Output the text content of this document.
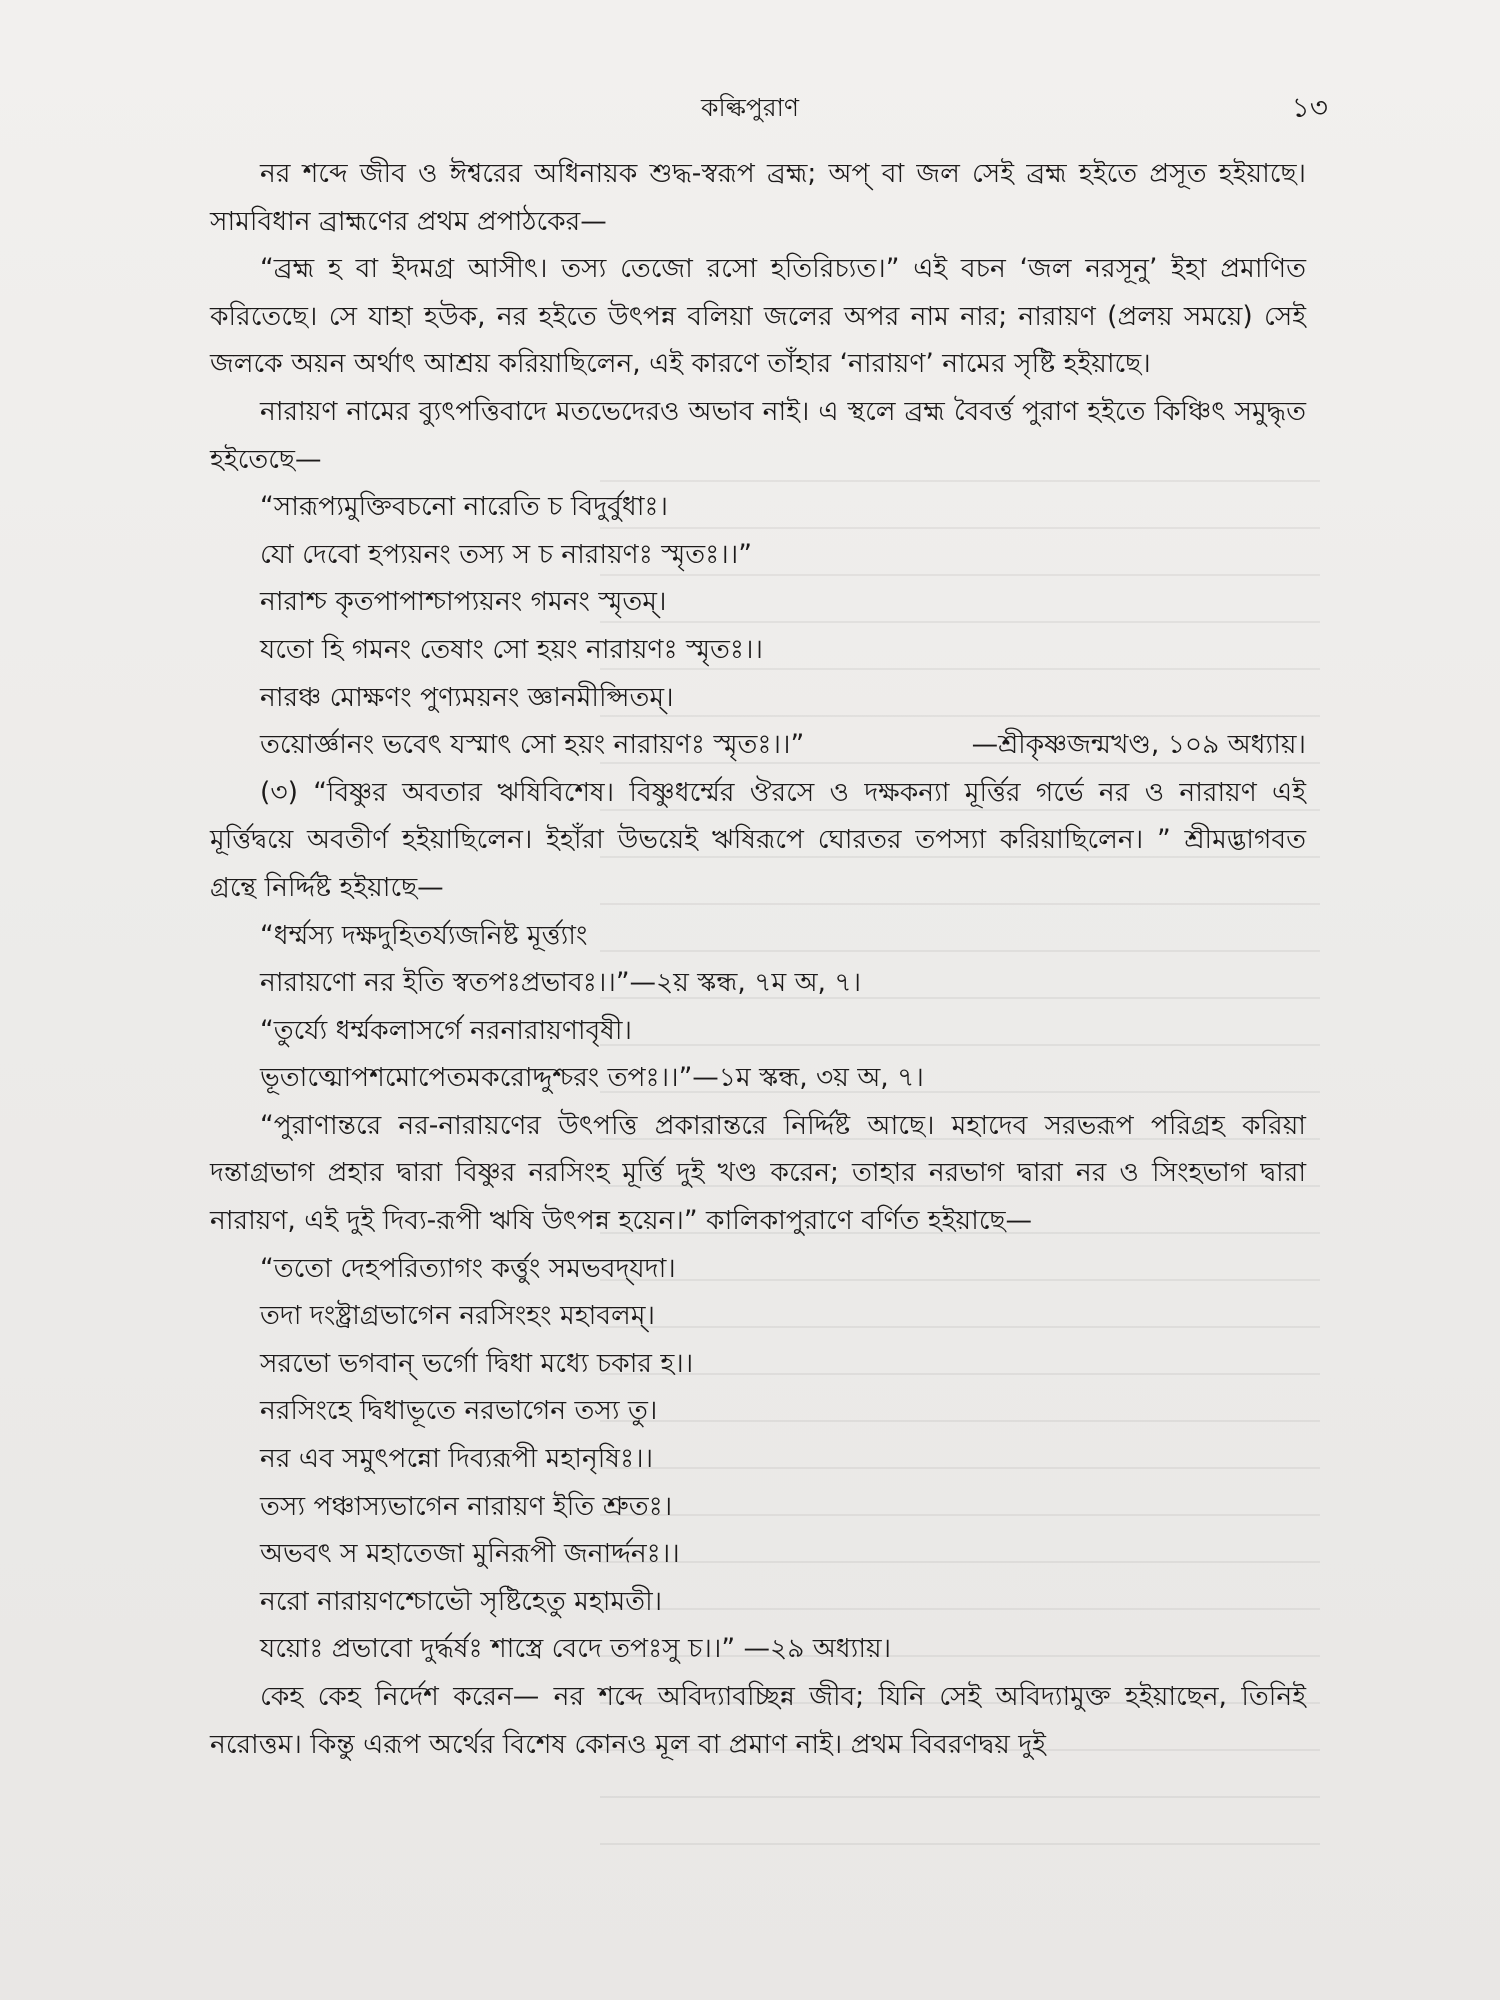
কল্কিপুরাণ	১৩

নর শব্দে জীব ও ঈশ্বরের অধিনায়ক শুদ্ধ-স্বরূপ ব্রহ্ম; অপ্ বা জল সেই ব্রহ্ম হইতে প্রসূত হইয়াছে। সামবিধান ব্রাহ্মণের প্রথম প্রপাঠকের—

“ব্রহ্ম হ বা ইদমগ্র আসীৎ। তস্য তেজো রসো হতিরিচ্যত।” এই বচন ‘জল নরসূনু’ ইহা প্রমাণিত করিতেছে। সে যাহা হউক, নর হইতে উৎপন্ন বলিয়া জলের অপর নাম নার; নারায়ণ (প্রলয় সময়ে) সেই জলকে অয়ন অর্থাৎ আশ্রয় করিয়াছিলেন, এই কারণে তাঁহার ‘নারায়ণ’ নামের সৃষ্টি হইয়াছে।

নারায়ণ নামের ব্যুৎপত্তিবাদে মতভেদেরও অভাব নাই। এ স্থলে ব্রহ্ম বৈবর্ত্ত পুরাণ হইতে কিঞ্চিৎ সমুদ্ধৃত হইতেছে—

“সারূপ্যমুক্তিবচনো নারেতি চ বিদুর্বুধাঃ।

যো দেবো হপ্যয়নং তস্য স চ নারায়ণঃ স্মৃতঃ।।”

নারাশ্চ কৃতপাপাশ্চাপ্যয়নং গমনং স্মৃতম্।

যতো হি গমনং তেষাং সো হয়ং নারায়ণঃ স্মৃতঃ।।

নারঞ্চ মোক্ষণং পুণ্যময়নং জ্ঞানমীপ্সিতম্।

তয়োর্জ্ঞানং ভবেৎ যস্মাৎ সো হয়ং নারায়ণঃ স্মৃতঃ।।”	—শ্রীকৃষ্ণজন্মখণ্ড, ১০৯ অধ্যায়।

(৩) “বিষ্ণুর অবতার ঋষিবিশেষ। বিষ্ণুধর্ম্মের ঔরসে ও দক্ষকন্যা মূর্ত্তির গর্ভে নর ও নারায়ণ এই মূর্ত্তিদ্বয়ে অবতীর্ণ হইয়াছিলেন। ইহাঁরা উভয়েই ঋষিরূপে ঘোরতর তপস্যা করিয়াছিলেন। ” শ্রীমদ্ভাগবত গ্রন্থে নির্দ্দিষ্ট হইয়াছে—

“ধর্ম্মস্য দক্ষদুহিতর্য্যজনিষ্ট মূর্ত্ত্যাং

নারায়ণো নর ইতি স্বতপঃপ্রভাবঃ।।”—২য় স্কন্ধ, ৭ম অ, ৭।

“তুর্য্যে ধর্ম্মকলাসর্গে নরনারায়ণাবৃষী।

ভূতাত্মোপশমোপেতমকরোদ্দুশ্চরং তপঃ।।”—১ম স্কন্ধ, ৩য় অ, ৭।

“পুরাণান্তরে নর-নারায়ণের উৎপত্তি প্রকারান্তরে নির্দ্দিষ্ট আছে। মহাদেব সরভরূপ পরিগ্রহ করিয়া দন্তাগ্রভাগ প্রহার দ্বারা বিষ্ণুর নরসিংহ মূর্ত্তি দুই খণ্ড করেন; তাহার নরভাগ দ্বারা নর ও সিংহভাগ দ্বারা নারায়ণ, এই দুই দিব্য-রূপী ঋষি উৎপন্ন হয়েন।” কালিকাপুরাণে বর্ণিত হইয়াছে—

“ততো দেহপরিত্যাগং কর্ত্তুং সমভবদ্‌যদা।

তদা দংষ্ট্রাগ্রভাগেন নরসিংহং মহাবলম্।

সরভো ভগবান্ ভর্গো দ্বিধা মধ্যে চকার হ।।

নরসিংহে দ্বিধাভূতে নরভাগেন তস্য তু।

নর এব সমুৎপন্নো দিব্যরূপী মহানৃষিঃ।।

তস্য পঞ্চাস্যভাগেন নারায়ণ ইতি শ্রুতঃ।

অভবৎ স মহাতেজা মুনিরূপী জনার্দ্দনঃ।।

নরো নারায়ণশ্চোভৌ সৃষ্টিহেতু মহামতী।

যয়োঃ প্রভাবো দুর্দ্ধর্ষঃ শাস্ত্রে বেদে তপঃসু চ।।” —২৯ অধ্যায়।

কেহ কেহ নির্দেশ করেন— নর শব্দে অবিদ্যাবচ্ছিন্ন জীব; যিনি সেই অবিদ্যামুক্ত হইয়াছেন, তিনিই নরোত্তম। কিন্তু এরূপ অর্থের বিশেষ কোনও মূল বা প্রমাণ নাই। প্রথম বিবরণদ্বয় দুই
